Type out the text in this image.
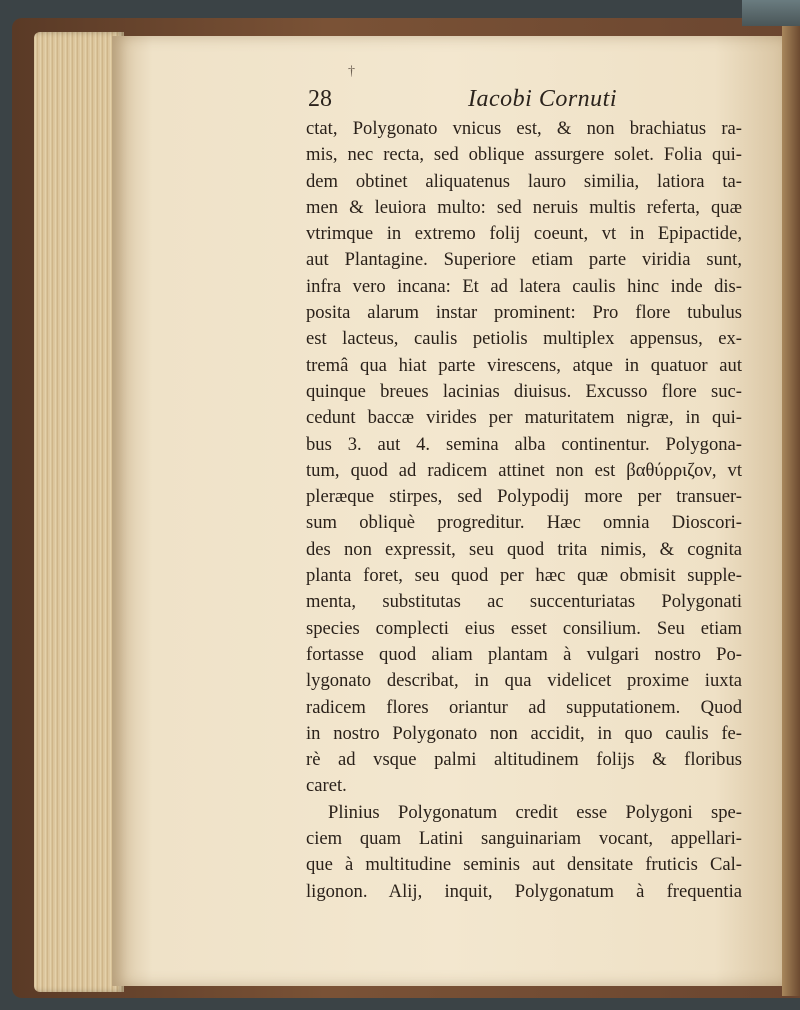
†
28	Iacobi Cornuti
ctat, Polygonato vnicus est, & non brachiatus ra-
mis, nec recta, sed oblique assurgere solet. Folia qui-
dem obtinet aliquatenus lauro similia, latiora ta-
men & leuiora multo: sed neruis multis referta, quæ
vtrimque in extremo folij coeunt, vt in Epipactide,
aut Plantagine. Superiore etiam parte viridia sunt,
infra vero incana: Et ad latera caulis hinc inde dis-
posita alarum instar prominent: Pro flore tubulus
est lacteus, caulis petiolis multiplex appensus, ex-
tremâ qua hiat parte virescens, atque in quatuor aut
quinque breues lacinias diuisus. Excusso flore suc-
cedunt baccæ virides per maturitatem nigræ, in qui-
bus 3. aut 4. semina alba continentur. Polygona-
tum, quod ad radicem attinet non est βαθύρριζον, vt
pleræque stirpes, sed Polypodij more per transuer-
sum obliquè progreditur. Hæc omnia Dioscori-
des non expressit, seu quod trita nimis, & cognita
planta foret, seu quod per hæc quæ obmisit supple-
menta, substitutas ac succenturiatas Polygonati
species complecti eius esset consilium. Seu etiam
fortasse quod aliam plantam à vulgari nostro Po-
lygonato describat, in qua videlicet proxime iuxta
radicem flores oriantur ad supputationem. Quod
in nostro Polygonato non accidit, in quo caulis fe-
rè ad vsque palmi altitudinem folijs & floribus
caret.
Plinius Polygonatum credit esse Polygoni spe-
ciem quam Latini sanguinariam vocant, appellari-
que à multitudine seminis aut densitate fruticis Cal-
ligonon. Alij, inquit, Polygonatum à frequentia
